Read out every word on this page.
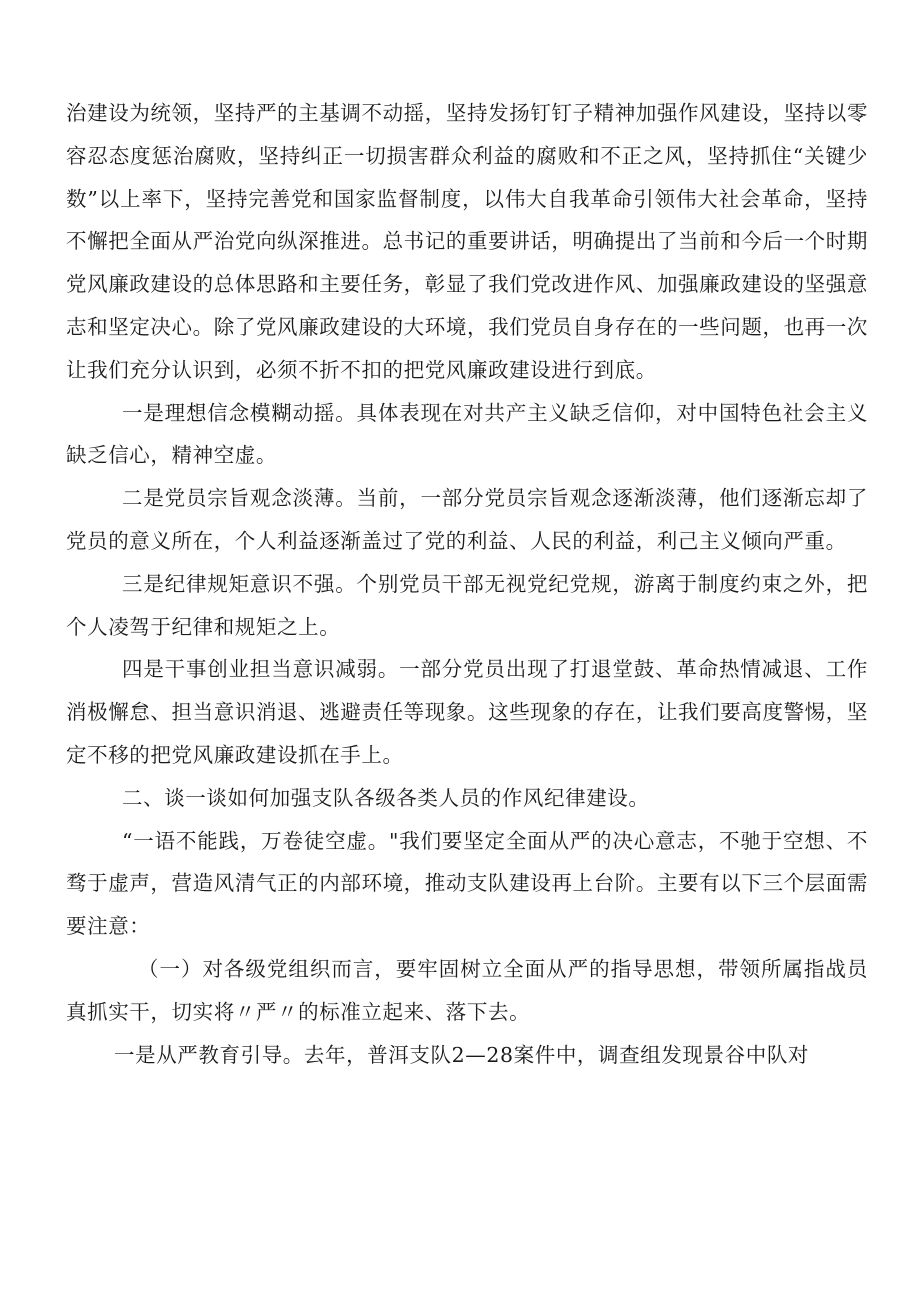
治建设为统领，坚持严的主基调不动摇，坚持发扬钉钉子精神加强作风建设，坚持以零容忍态度惩治腐败，坚持纠正一切损害群众利益的腐败和不正之风，坚持抓住“关键少数”以上率下，坚持完善党和国家监督制度，以伟大自我革命引领伟大社会革命，坚持不懈把全面从严治党向纵深推进。总书记的重要讲话，明确提出了当前和今后一个时期党风廉政建设的总体思路和主要任务，彰显了我们党改进作风、加强廉政建设的坚强意志和坚定决心。除了党风廉政建设的大环境，我们党员自身存在的一些问题，也再一次让我们充分认识到，必须不折不扣的把党风廉政建设进行到底。

一是理想信念模糊动摇。具体表现在对共产主义缺乏信仰，对中国特色社会主义缺乏信心，精神空虚。

二是党员宗旨观念淡薄。当前，一部分党员宗旨观念逐渐淡薄，他们逐渐忘却了党员的意义所在，个人利益逐渐盖过了党的利益、人民的利益，利己主义倾向严重。

三是纪律规矩意识不强。个别党员干部无视党纪党规，游离于制度约束之外，把个人凌驾于纪律和规矩之上。

四是干事创业担当意识减弱。一部分党员出现了打退堂鼓、革命热情减退、工作消极懈怠、担当意识消退、逃避责任等现象。这些现象的存在，让我们要高度警惕，坚定不移的把党风廉政建设抓在手上。

二、谈一谈如何加强支队各级各类人员的作风纪律建设。

“一语不能践，万卷徒空虚。"我们要坚定全面从严的决心意志，不驰于空想、不骛于虚声，营造风清气正的内部环境，推动支队建设再上台阶。主要有以下三个层面需要注意：

（一）对各级党组织而言，要牢固树立全面从严的指导思想，带领所属指战员真抓实干，切实将〃严〃的标准立起来、落下去。

一是从严教育引导。去年，普洱支队2—28案件中，调查组发现景谷中队对
